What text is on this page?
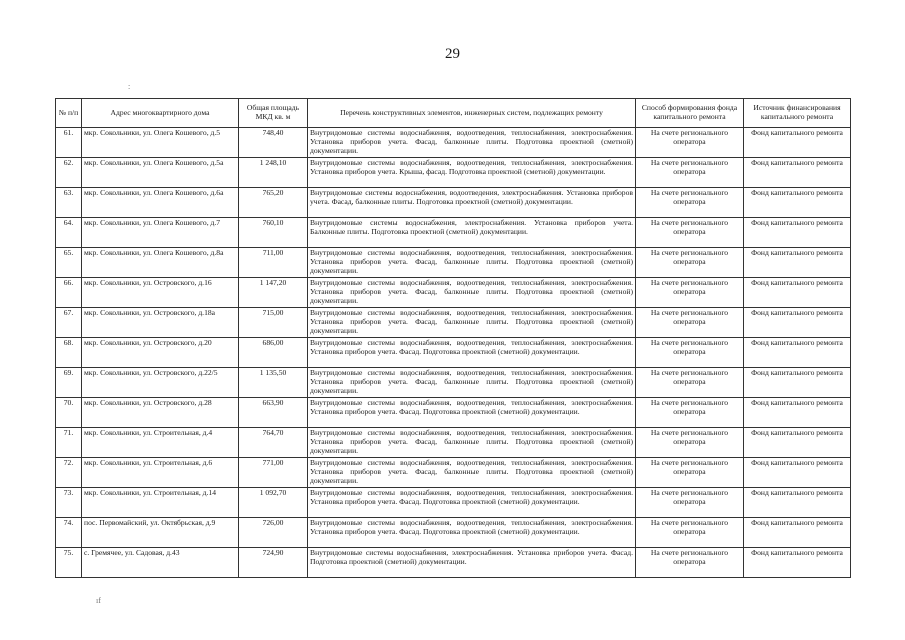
29
:
ıf
№ п/п	Адрес многоквартирного дома	Общая площадь МКД кв. м	Перечень конструктивных элементов, инженерных систем, подлежащих ремонту	Способ формирования фонда капитального ремонта	Источник финансирования капитального ремонта
61.	мкр. Сокольники, ул. Олега Кошевого, д.5	748,40	Внутридомовые системы водоснабжения, водоотведения, теплоснабжения, электроснабжения. Установка приборов учета. Фасад, балконные плиты. Подготовка проектной (сметной) документации.	На счете регионального оператора	Фонд капитального ремонта
62.	мкр. Сокольники, ул. Олега Кошевого, д.5а	1 248,10	Внутридомовые системы водоснабжения, водоотведения, теплоснабжения, электроснабжения. Установка приборов учета. Крыша, фасад. Подготовка проектной (сметной) документации.	На счете регионального оператора	Фонд капитального ремонта
63.	мкр. Сокольники, ул. Олега Кошевого, д.6а	765,20	Внутридомовые системы водоснабжения, водоотведения, электроснабжения. Установка приборов учета. Фасад, балконные плиты. Подготовка проектной (сметной) документации.	На счете регионального оператора	Фонд капитального ремонта
64.	мкр. Сокольники, ул. Олега Кошевого, д.7	760,10	Внутридомовые системы водоснабжения, электроснабжения. Установка приборов учета. Балконные плиты. Подготовка проектной (сметной) документации.	На счете регионального оператора	Фонд капитального ремонта
65.	мкр. Сокольники, ул. Олега Кошевого, д.8а	711,00	Внутридомовые системы водоснабжения, водоотведения, теплоснабжения, электроснабжения. Установка приборов учета. Фасад, балконные плиты. Подготовка проектной (сметной) документации.	На счете регионального оператора	Фонд капитального ремонта
66.	мкр. Сокольники, ул. Островского, д.16	1 147,20	Внутридомовые системы водоснабжения, водоотведения, теплоснабжения, электроснабжения. Установка приборов учета. Фасад, балконные плиты. Подготовка проектной (сметной) документации.	На счете регионального оператора	Фонд капитального ремонта
67.	мкр. Сокольники, ул. Островского, д.18а	715,00	Внутридомовые системы водоснабжения, водоотведения, теплоснабжения, электроснабжения. Установка приборов учета. Фасад, балконные плиты. Подготовка проектной (сметной) документации.	На счете регионального оператора	Фонд капитального ремонта
68.	мкр. Сокольники, ул. Островского, д.20	686,00	Внутридомовые системы водоснабжения, водоотведения, теплоснабжения, электроснабжения. Установка приборов учета. Фасад. Подготовка проектной (сметной) документации.	На счете регионального оператора	Фонд капитального ремонта
69.	мкр. Сокольники, ул. Островского, д.22/5	1 135,50	Внутридомовые системы водоснабжения, водоотведения, теплоснабжения, электроснабжения. Установка приборов учета. Фасад, балконные плиты. Подготовка проектной (сметной) документации.	На счете регионального оператора	Фонд капитального ремонта
70.	мкр. Сокольники, ул. Островского, д.28	663,90	Внутридомовые системы водоснабжения, водоотведения, теплоснабжения, электроснабжения. Установка приборов учета. Фасад. Подготовка проектной (сметной) документации.	На счете регионального оператора	Фонд капитального ремонта
71.	мкр. Сокольники, ул. Строительная, д.4	764,70	Внутридомовые системы водоснабжения, водоотведения, теплоснабжения, электроснабжения. Установка приборов учета. Фасад, балконные плиты. Подготовка проектной (сметной) документации.	На счете регионального оператора	Фонд капитального ремонта
72.	мкр. Сокольники, ул. Строительная, д.6	771,00	Внутридомовые системы водоснабжения, водоотведения, теплоснабжения, электроснабжения. Установка приборов учета. Фасад, балконные плиты. Подготовка проектной (сметной) документации.	На счете регионального оператора	Фонд капитального ремонта
73.	мкр. Сокольники, ул. Строительная, д.14	1 092,70	Внутридомовые системы водоснабжения, водоотведения, теплоснабжения, электроснабжения. Установка приборов учета. Фасад. Подготовка проектной (сметной) документации.	На счете регионального оператора	Фонд капитального ремонта
74.	пос. Первомайский, ул. Октябрьская, д.9	726,00	Внутридомовые системы водоснабжения, водоотведения, теплоснабжения, электроснабжения. Установка приборов учета. Фасад. Подготовка проектной (сметной) документации.	На счете регионального оператора	Фонд капитального ремонта
75.	с. Гремячее, ул. Садовая, д.43	724,90	Внутридомовые системы водоснабжения, электроснабжения. Установка приборов учета. Фасад. Подготовка проектной (сметной) документации.	На счете регионального оператора	Фонд капитального ремонта
